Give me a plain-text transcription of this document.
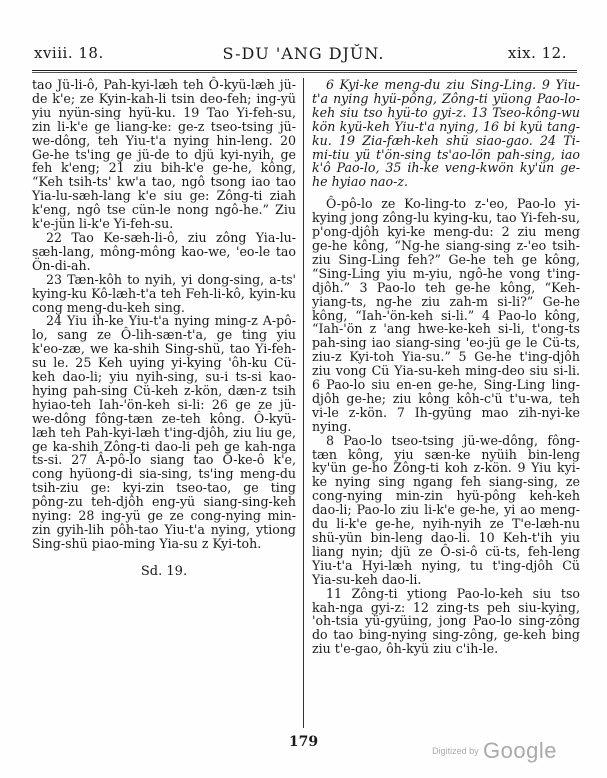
xviii. 18.	S-DU 'ANG DJŬN.	xix. 12.

tao Jü-li-ô, Pah-kyi-læh teh Ô-kyü-læh jü-de k'e; ze Kyin-kah-li tsin deo-feh; ing-yü yiu nyün-sing hyü-ku. 19 Tao Yi-feh-su, zin li-k'e ge liang-ke: ge-z tseo-tsing jü-we-dông, teh Yiu-t'a nying hin-leng. 20 Ge-he ts'ing ge jü-de to djü kyi-nyih, ge feh k'eng; 21 ziu bih-k'e ge-he, kông, “Keh tsih-ts' kw'a tao, ngô tsong iao tao Yia-lu-sæh-lang k'e siu ge: Zông-ti ziah k'eng, ngô tse cün-le nong ngô-he.” Ziu k'e-jün li-k'e Yi-feh-su.

22 Tao Ke-sæh-li-ô, ziu zông Yia-lu-sæh-lang, mông-mông kao-we, 'eo-le tao Ön-di-ah.

23 Tæn-kôh to nyih, yi dong-sing, a-ts' kying-ku Kô-læh-t'a teh Feh-li-kô, kyin-ku cong meng-du-keh sing.

24 Yiu ih-ke Yiu-t'a nying ming-z A-pô-lo, sang ze Ô-lih-sæn-t'a, ge ting yiu k'eo-zæ, we ka-shih Sing-shü, tao Yi-feh-su le. 25 Keh uying yi-kying 'ôh-ku Cü-keh dao-li; yiu nyih-sing, su-i ts-si kao-hying pah-sing Cü-keh z-kön, dæn-z tsih hyiao-teh Iah-'ön-keh si-li: 26 ge ze jü-we-dông fông-tæn ze-teh kông. Ô-kyü-læh teh Pah-kyi-læh t'ing-djôh, ziu liu ge, ge ka-shih Zông-ti dao-li peh ge kah-nga ts-si. 27 Â-pô-lo siang tao Ô-ke-ô k'e, cong hyüong-di sia-sing, ts'ing meng-du tsih-ziu ge: kyi-zin tseo-tao, ge ting pông-zu teh-djôh eng-yü siang-sing-keh nying: 28 ing-yü ge ze cong-nying min-zin gyih-lih pôh-tao Yiu-t'a nying, ytiong Sing-shü piao-ming Yia-su z Kyi-toh.

Sd. 19.

6 Kyi-ke meng-du ziu Sing-Ling. 9 Yiu-t'a nying hyü-pông, Zông-ti yüong Pao-lo-keh siu tso hyü-to gyi-z. 13 Tseo-kông-wu kön kyü-keh Yiu-t'a nying, 16 bi kyü tang-ku. 19 Zia-fæh-keh shü siao-gao. 24 Ti-mi-tiu yü t'ön-sing ts'ao-lön pah-sing, iao k'ô Pao-lo, 35 ih-ke veng-kwön ky'ün ge-he hyiao nao-z.

Ô-pô-lo ze Ko-ling-to z-'eo, Pao-lo yi-kying jong zông-lu kying-ku, tao Yi-feh-su, p'ong-djôh kyi-ke meng-du: 2 ziu meng ge-he kông, “Ng-he siang-sing z-'eo tsih-ziu Sing-Ling feh?” Ge-he teh ge kông, “Sing-Ling yiu m-yiu, ngô-he vong t'ing-djôh.” 3 Pao-lo teh ge-he kông, “Keh-yiang-ts, ng-he ziu zah-m si-li?” Ge-he kông, “Iah-'ön-keh si-li.” 4 Pao-lo kông, “Iah-'ön z 'ang hwe-ke-keh si-li, t'ong-ts pah-sing iao siang-sing 'eo-jü ge le Cü-ts, ziu-z Kyi-toh Yia-su.” 5 Ge-he t'ing-djôh ziu vong Cü Yia-su-keh ming-deo siu si-li. 6 Pao-lo siu en-en ge-he, Sing-Ling ling-djôh ge-he; ziu kông kôh-c'ü t'u-wa, teh vi-le z-kön. 7 Ih-gyüng mao zih-nyi-ke nying.

8 Pao-lo tseo-tsing jü-we-dông, fông-tæn kông, yiu sæn-ke nyüih bin-leng ky'ün ge-ho Zông-ti koh z-kön. 9 Yiu kyi-ke nying sing ngang feh siang-sing, ze cong-nying min-zin hyü-pông keh-keh dao-li; Pao-lo ziu li-k'e ge-he, yi ao meng-du li-k'e ge-he, nyih-nyih ze T'e-læh-nu shü-yün bin-leng dao-li. 10 Keh-t'ih yiu liang nyin; djü ze Ô-si-ô cü-ts, feh-leng Yiu-t'a Hyi-læh nying, tu t'ing-djôh Cü Yia-su-keh dao-li.

11 Zông-ti ytiong Pao-lo-keh siu tso kah-nga gyi-z: 12 zing-ts peh siu-kying, 'oh-tsia yü-gyüing, jong Pao-lo sing-zông do tao bing-nying sing-zông, ge-keh bing ziu t'e-gao, ôh-kyü ziu c'ih-le.

179
Digitized by Google
